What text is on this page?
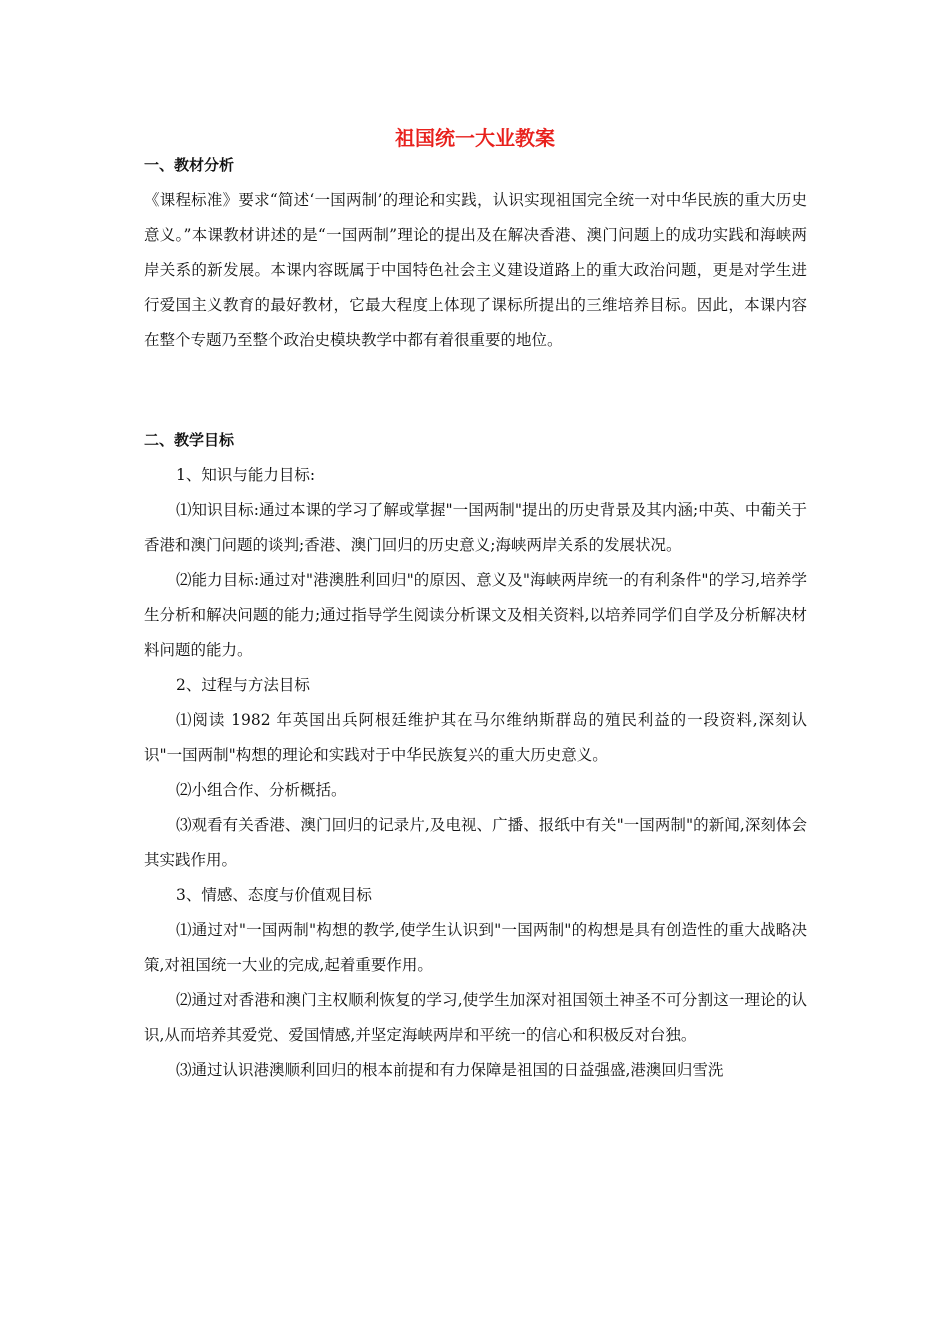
祖国统一大业教案
一、教材分析

《课程标准》要求“简述‘一国两制’的理论和实践，认识实现祖国完全统一对中华民族的重大历史意义。”本课教材讲述的是“一国两制”理论的提出及在解决香港、澳门问题上的成功实践和海峡两岸关系的新发展。本课内容既属于中国特色社会主义建设道路上的重大政治问题，更是对学生进行爱国主义教育的最好教材，它最大程度上体现了课标所提出的三维培养目标。因此，本课内容在整个专题乃至整个政治史模块教学中都有着很重要的地位。

二、教学目标

1、知识与能力目标:

⑴知识目标:通过本课的学习了解或掌握"一国两制"提出的历史背景及其内涵;中英、中葡关于香港和澳门问题的谈判;香港、澳门回归的历史意义;海峡两岸关系的发展状况。

⑵能力目标:通过对"港澳胜利回归"的原因、意义及"海峡两岸统一的有利条件"的学习,培养学生分析和解决问题的能力;通过指导学生阅读分析课文及相关资料,以培养同学们自学及分析解决材料问题的能力。

2、过程与方法目标

⑴阅读 1982 年英国出兵阿根廷维护其在马尔维纳斯群岛的殖民利益的一段资料,深刻认识"一国两制"构想的理论和实践对于中华民族复兴的重大历史意义。

⑵小组合作、分析概括。

⑶观看有关香港、澳门回归的记录片,及电视、广播、报纸中有关"一国两制"的新闻,深刻体会其实践作用。

3、情感、态度与价值观目标

⑴通过对"一国两制"构想的教学,使学生认识到"一国两制"的构想是具有创造性的重大战略决策,对祖国统一大业的完成,起着重要作用。

⑵通过对香港和澳门主权顺利恢复的学习,使学生加深对祖国领土神圣不可分割这一理论的认识,从而培养其爱党、爱国情感,并坚定海峡两岸和平统一的信心和积极反对台独。

⑶通过认识港澳顺利回归的根本前提和有力保障是祖国的日益强盛,港澳回归雪洗
